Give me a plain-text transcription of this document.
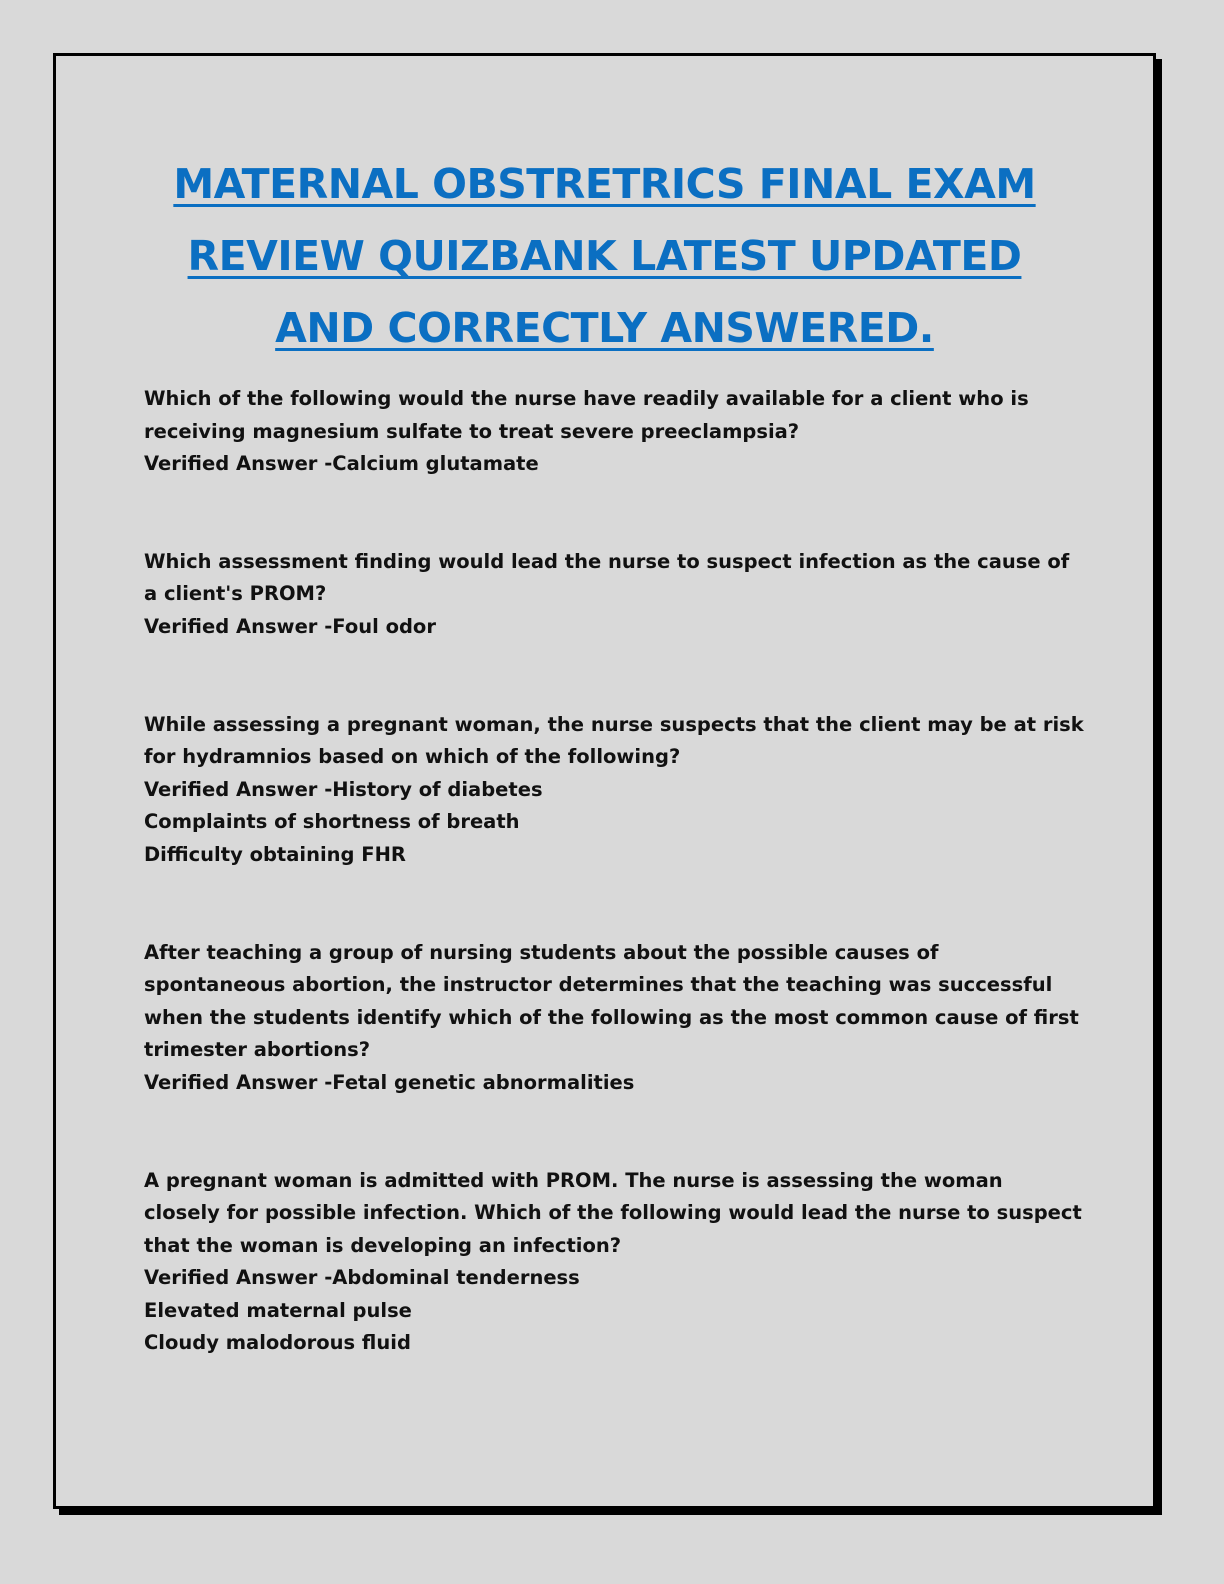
MATERNAL OBSTRETRICS FINAL EXAM
REVIEW QUIZBANK LATEST UPDATED
AND CORRECTLY ANSWERED.

Which of the following would the nurse have readily available for a client who is receiving magnesium sulfate to treat severe preeclampsia?

Verified Answer -Calcium glutamate

Which assessment finding would lead the nurse to suspect infection as the cause of a client's PROM?

Verified Answer -Foul odor

While assessing a pregnant woman, the nurse suspects that the client may be at risk for hydramnios based on which of the following?

Verified Answer -History of diabetes

Complaints of shortness of breath

Difficulty obtaining FHR

After teaching a group of nursing students about the possible causes of spontaneous abortion, the instructor determines that the teaching was successful when the students identify which of the following as the most common cause of first trimester abortions?

Verified Answer -Fetal genetic abnormalities

A pregnant woman is admitted with PROM. The nurse is assessing the woman closely for possible infection. Which of the following would lead the nurse to suspect that the woman is developing an infection?

Verified Answer -Abdominal tenderness

Elevated maternal pulse

Cloudy malodorous fluid
